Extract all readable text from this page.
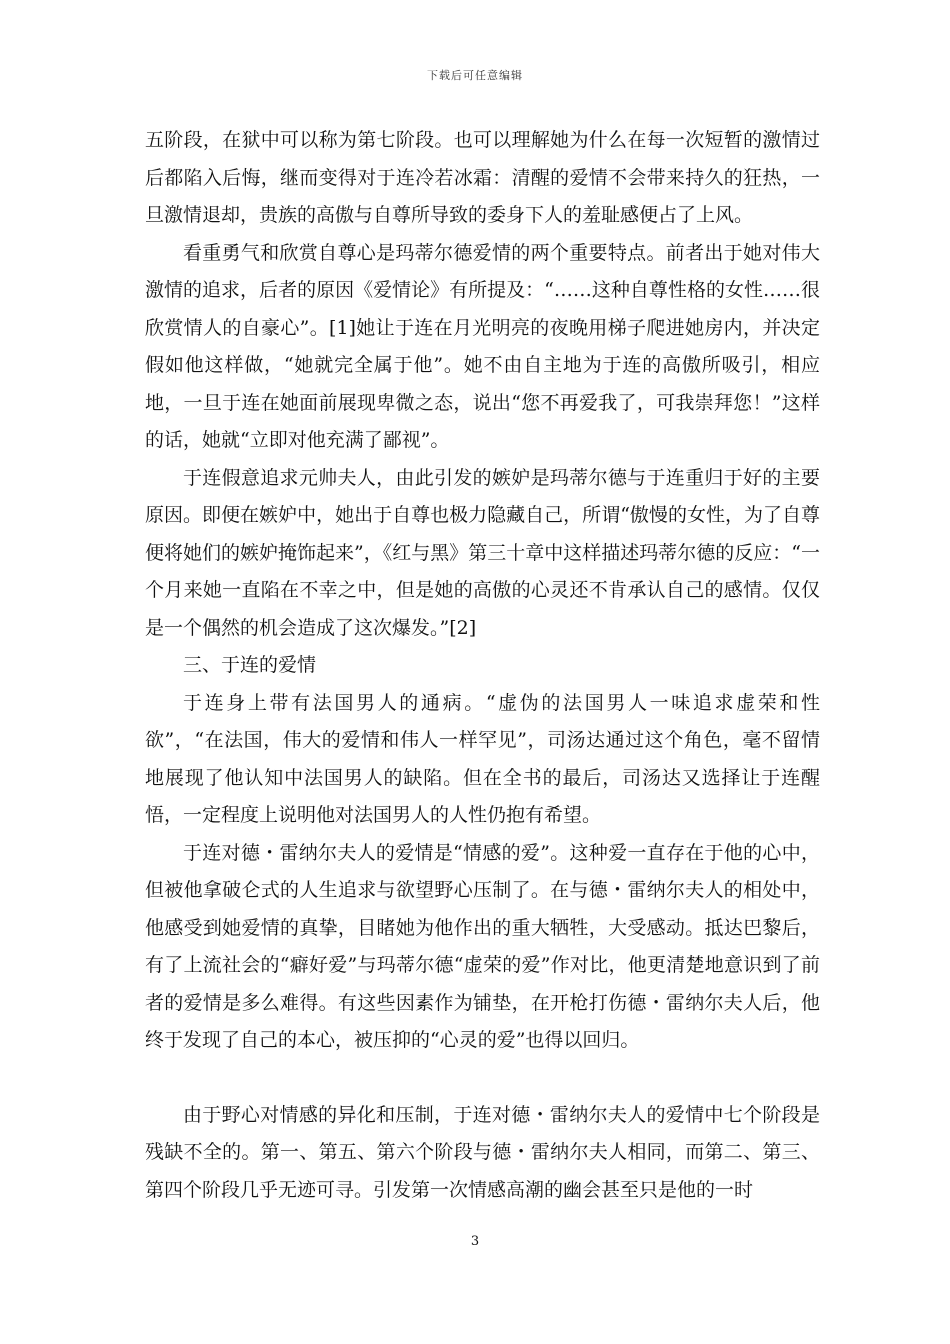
下载后可任意编辑

五阶段，在狱中可以称为第七阶段。也可以理解她为什么在每一次短暂的激情过后都陷入后悔，继而变得对于连冷若冰霜：清醒的爱情不会带来持久的狂热，一旦激情退却，贵族的高傲与自尊所导致的委身下人的羞耻感便占了上风。

看重勇气和欣赏自尊心是玛蒂尔德爱情的两个重要特点。前者出于她对伟大激情的追求，后者的原因《爱情论》有所提及：“……这种自尊性格的女性……很欣赏情人的自豪心”。[1]她让于连在月光明亮的夜晚用梯子爬进她房内，并决定假如他这样做，“她就完全属于他”。她不由自主地为于连的高傲所吸引，相应地，一旦于连在她面前展现卑微之态，说出“您不再爱我了，可我崇拜您！”这样的话，她就“立即对他充满了鄙视”。

于连假意追求元帅夫人，由此引发的嫉妒是玛蒂尔德与于连重归于好的主要原因。即便在嫉妒中，她出于自尊也极力隐藏自己，所谓“傲慢的女性，为了自尊便将她们的嫉妒掩饰起来”，《红与黑》第三十章中这样描述玛蒂尔德的反应：“一个月来她一直陷在不幸之中，但是她的高傲的心灵还不肯承认自己的感情。仅仅是一个偶然的机会造成了这次爆发。”[2]

三、于连的爱情

于连身上带有法国男人的通病。“虚伪的法国男人一味追求虚荣和性欲”，“在法国，伟大的爱情和伟人一样罕见”，司汤达通过这个角色，毫不留情地展现了他认知中法国男人的缺陷。但在全书的最后，司汤达又选择让于连醒悟，一定程度上说明他对法国男人的人性仍抱有希望。

于连对德・雷纳尔夫人的爱情是“情感的爱”。这种爱一直存在于他的心中，但被他拿破仑式的人生追求与欲望野心压制了。在与德・雷纳尔夫人的相处中，他感受到她爱情的真挚，目睹她为他作出的重大牺牲，大受感动。抵达巴黎后，有了上流社会的“癖好爱”与玛蒂尔德“虚荣的爱”作对比，他更清楚地意识到了前者的爱情是多么难得。有这些因素作为铺垫，在开枪打伤德・雷纳尔夫人后，他终于发现了自己的本心，被压抑的“心灵的爱”也得以回归。

由于野心对情感的异化和压制，于连对德・雷纳尔夫人的爱情中七个阶段是残缺不全的。第一、第五、第六个阶段与德・雷纳尔夫人相同，而第二、第三、第四个阶段几乎无迹可寻。引发第一次情感高潮的幽会甚至只是他的一时

3
